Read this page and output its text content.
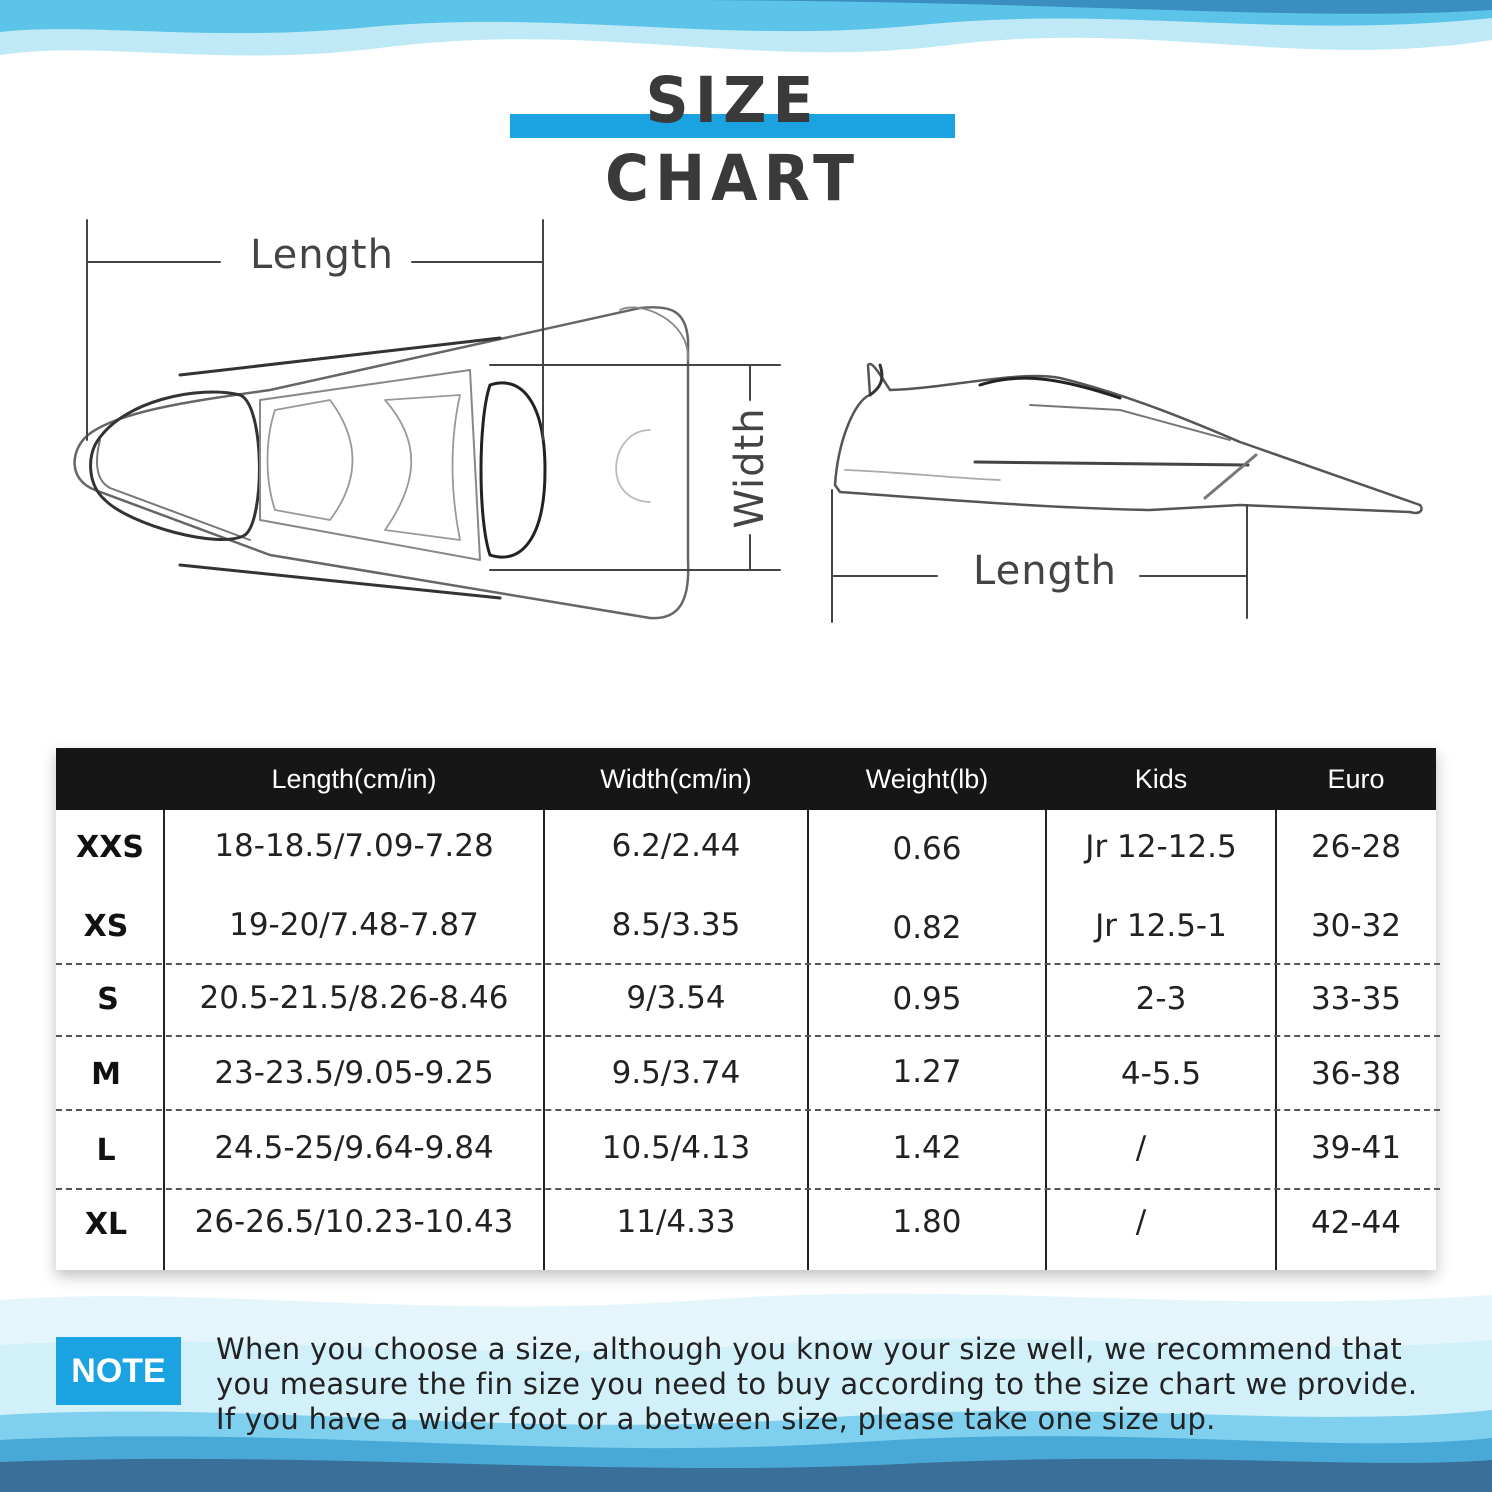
SIZE CHART
Length
Width
Length
Length(cm/in)	Width(cm/in)	Weight(lb)	Kids	Euro
XXS	18-18.5/7.09-7.28	6.2/2.44	0.66	Jr 12-12.5	26-28
XS	19-20/7.48-7.87	8.5/3.35	0.82	Jr 12.5-1	30-32
S	20.5-21.5/8.26-8.46	9/3.54	0.95	2-3	33-35
M	23-23.5/9.05-9.25	9.5/3.74	1.27	4-5.5	36-38
L	24.5-25/9.64-9.84	10.5/4.13	1.42	/	39-41
XL	26-26.5/10.23-10.43	11/4.33	1.80	/	42-44
NOTE
When you choose a size, although you know your size well, we recommend that
you measure the fin size you need to buy according to the size chart we provide.
If you have a wider foot or a between size, please take one size up.
